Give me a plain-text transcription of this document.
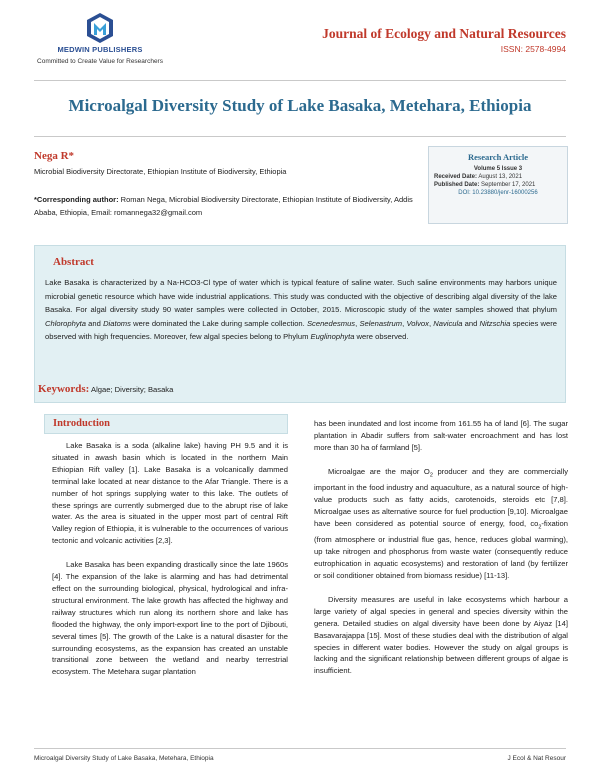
MEDWIN PUBLISHERS
Committed to Create Value for Researchers
Journal of Ecology and Natural Resources
ISSN: 2578-4994
Microalgal Diversity Study of Lake Basaka, Metehara, Ethiopia
Nega R*
Microbial Biodiversity Directorate, Ethiopian Institute of Biodiversity, Ethiopia
*Corresponding author: Roman Nega, Microbial Biodiversity Directorate, Ethiopian Institute of Biodiversity, Addis Ababa, Ethiopia, Email: romannega32@gmail.com
Research Article
Volume 5 Issue 3
Received Date: August 13, 2021
Published Date: September 17, 2021
DOI: 10.23880/jenr-16000256
Abstract
Lake Basaka is characterized by a Na-HCO3-Cl type of water which is typical feature of saline water. Such saline environments may harbors unique microbial genetic resource which have wide industrial applications. This study was conducted with the objective of describing algal diversity of the lake Basaka. For algal diversity study 90 water samples were collected in October, 2015. Microscopic study of the water samples showed that phylum Chlorophyta and Diatoms were dominated the Lake during sample collection. Scenedesmus, Selenastrum, Volvox, Navicula and Nitzschia species were observed with high frequencies. Moreover, few algal species belong to Phylum Euglinophyta were observed.
Keywords: Algae; Diversity; Basaka
Introduction

Lake Basaka is a soda (alkaline lake) having PH 9.5 and it is situated in awash basin which is located in the northern Main Ethiopian Rift valley [1]. Lake Basaka is a volcanically dammed terminal lake located at near distance to the Afar Triangle. There is a number of hot springs supplying water to this lake. The outlets of these springs are currently submerged due to the abrupt rise of lake water. As the area is situated in the upper most part of central Rift Valley region of Ethiopia, it is vulnerable to the occurrences of various tectonic and volcanic activities [2,3].

Lake Basaka has been expanding drastically since the late 1960s [4]. The expansion of the lake is alarming and has had detrimental effect on the surrounding biological, physical, hydrological and infra-structural environment. The lake growth has affected the highway and railway structures which run along its northern shore and lake has flooded the highway, the only import-export line to the port of Djibouti, several times [5]. The growth of the Lake is a natural disaster for the surrounding ecosystems, as the expansion has created an unstable transitional zone between the wetland and nearby terrestrial ecosystem. The Metehara sugar plantation

has been inundated and lost income from 161.55 ha of land [6]. The sugar plantation in Abadir suffers from salt-water encroachment and has lost more than 30 ha of farmland [5].

Microalgae are the major $O_2$ producer and they are commercially important in the food industry and aquaculture, as a natural source of high-value products such as fatty acids, carotenoids, steroids etc [7,8]. Microalgae uses as alternative source for fuel production [9,10]. Microalgae have been considered as potential source of energy, food, $co_2$-fixation (from atmosphere or industrial flue gas, hence, reduces global warming), up take nitrogen and phosphorus from waste water (consequently reduce eutrophication in aquatic ecosystems) and restoration of land (by fertilizer or soil conditioner obtained from biomass residue) [11-13].

Diversity measures are useful in lake ecosystems which harbour a large variety of algal species in general and species diversity within the genera. Detailed studies on algal diversity have been done by Aiyaz [14] Basavarajappa [15]. Most of these studies deal with the distribution of algal species in different water bodies. However the study on algal groups is lacking and the significant relationship between different groups of algae is insufficient.

Microalgal Diversity Study of Lake Basaka, Metehara, Ethiopia	J Ecol & Nat Resour
